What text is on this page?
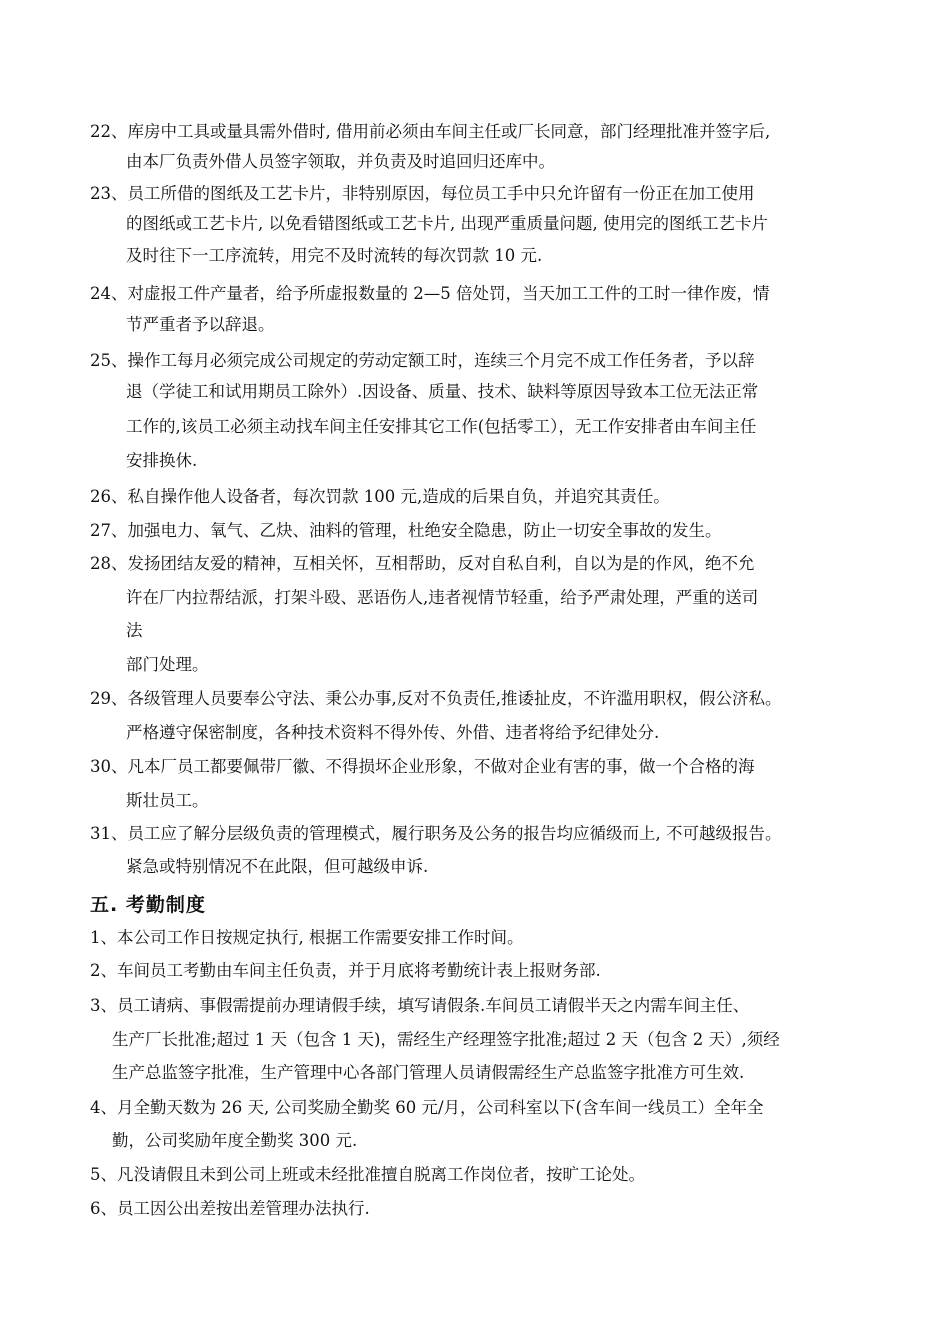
22、库房中工具或量具需外借时, 借用前必须由车间主任或厂长同意，部门经理批准并签字后,

由本厂负责外借人员签字领取，并负责及时追回归还库中。

23、员工所借的图纸及工艺卡片，非特别原因，每位员工手中只允许留有一份正在加工使用

的图纸或工艺卡片, 以免看错图纸或工艺卡片, 出现严重质量问题, 使用完的图纸工艺卡片

及时往下一工序流转，用完不及时流转的每次罚款 10 元.

24、对虚报工件产量者，给予所虚报数量的 2—5 倍处罚，当天加工工件的工时一律作废，情

节严重者予以辞退。

25、操作工每月必须完成公司规定的劳动定额工时，连续三个月完不成工作任务者，予以辞

退（学徒工和试用期员工除外）.因设备、质量、技术、缺料等原因导致本工位无法正常

工作的,该员工必须主动找车间主任安排其它工作(包括零工），无工作安排者由车间主任

安排换休.

26、私自操作他人设备者，每次罚款 100 元,造成的后果自负，并追究其责任。

27、加强电力、氧气、乙炔、油料的管理，杜绝安全隐患，防止一切安全事故的发生。

28、发扬团结友爱的精神，互相关怀，互相帮助，反对自私自利，自以为是的作风，绝不允

许在厂内拉帮结派，打架斗殴、恶语伤人,违者视情节轻重，给予严肃处理，严重的送司

法

部门处理。

29、各级管理人员要奉公守法、秉公办事,反对不负责任,推诿扯皮，不许滥用职权，假公济私。

严格遵守保密制度，各种技术资料不得外传、外借、违者将给予纪律处分.

30、凡本厂员工都要佩带厂徽、不得损坏企业形象，不做对企业有害的事，做一个合格的海

斯壮员工。

31、员工应了解分层级负责的管理模式，履行职务及公务的报告均应循级而上, 不可越级报告。

紧急或特别情况不在此限，但可越级申诉.

五. 考勤制度

1、本公司工作日按规定执行, 根据工作需要安排工作时间。

2、车间员工考勤由车间主任负责，并于月底将考勤统计表上报财务部.

3、员工请病、事假需提前办理请假手续，填写请假条.车间员工请假半天之内需车间主任、

生产厂长批准;超过 1 天（包含 1 天)，需经生产经理签字批准;超过 2 天（包含 2 天）,须经

生产总监签字批准，生产管理中心各部门管理人员请假需经生产总监签字批准方可生效.

4、月全勤天数为 26 天, 公司奖励全勤奖 60 元/月，公司科室以下(含车间一线员工）全年全

勤，公司奖励年度全勤奖 300 元.

5、凡没请假且未到公司上班或未经批准擅自脱离工作岗位者，按旷工论处。

6、员工因公出差按出差管理办法执行.
